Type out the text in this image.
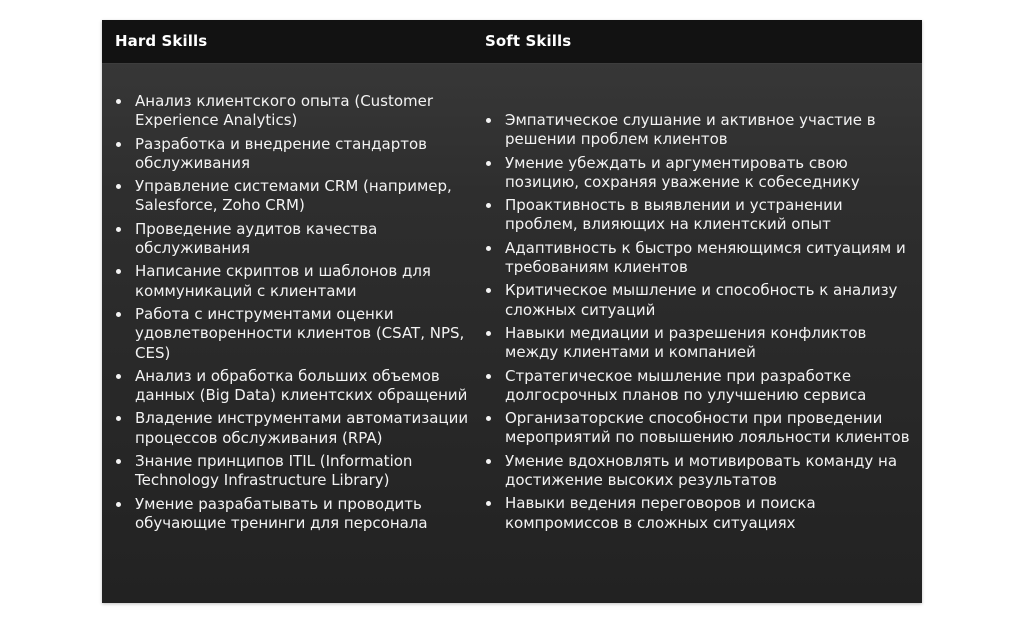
Hard Skills	Soft Skills
Анализ клиентского опыта (Customer Experience Analytics)
Разработка и внедрение стандартов обслуживания
Управление системами CRM (например, Salesforce, Zoho CRM)
Проведение аудитов качества обслуживания
Написание скриптов и шаблонов для коммуникаций с клиентами
Работа с инструментами оценки удовлетворенности клиентов (CSAT, NPS, CES)
Анализ и обработка больших объемов данных (Big Data) клиентских обращений
Владение инструментами автоматизации процессов обслуживания (RPA)
Знание принципов ITIL (Information Technology Infrastructure Library)
Умение разрабатывать и проводить обучающие тренинги для персонала
Эмпатическое слушание и активное участие в решении проблем клиентов
Умение убеждать и аргументировать свою позицию, сохраняя уважение к собеседнику
Проактивность в выявлении и устранении проблем, влияющих на клиентский опыт
Адаптивность к быстро меняющимся ситуациям и требованиям клиентов
Критическое мышление и способность к анализу сложных ситуаций
Навыки медиации и разрешения конфликтов между клиентами и компанией
Стратегическое мышление при разработке долгосрочных планов по улучшению сервиса
Организаторские способности при проведении мероприятий по повышению лояльности клиентов
Умение вдохновлять и мотивировать команду на достижение высоких результатов
Навыки ведения переговоров и поиска компромиссов в сложных ситуациях
